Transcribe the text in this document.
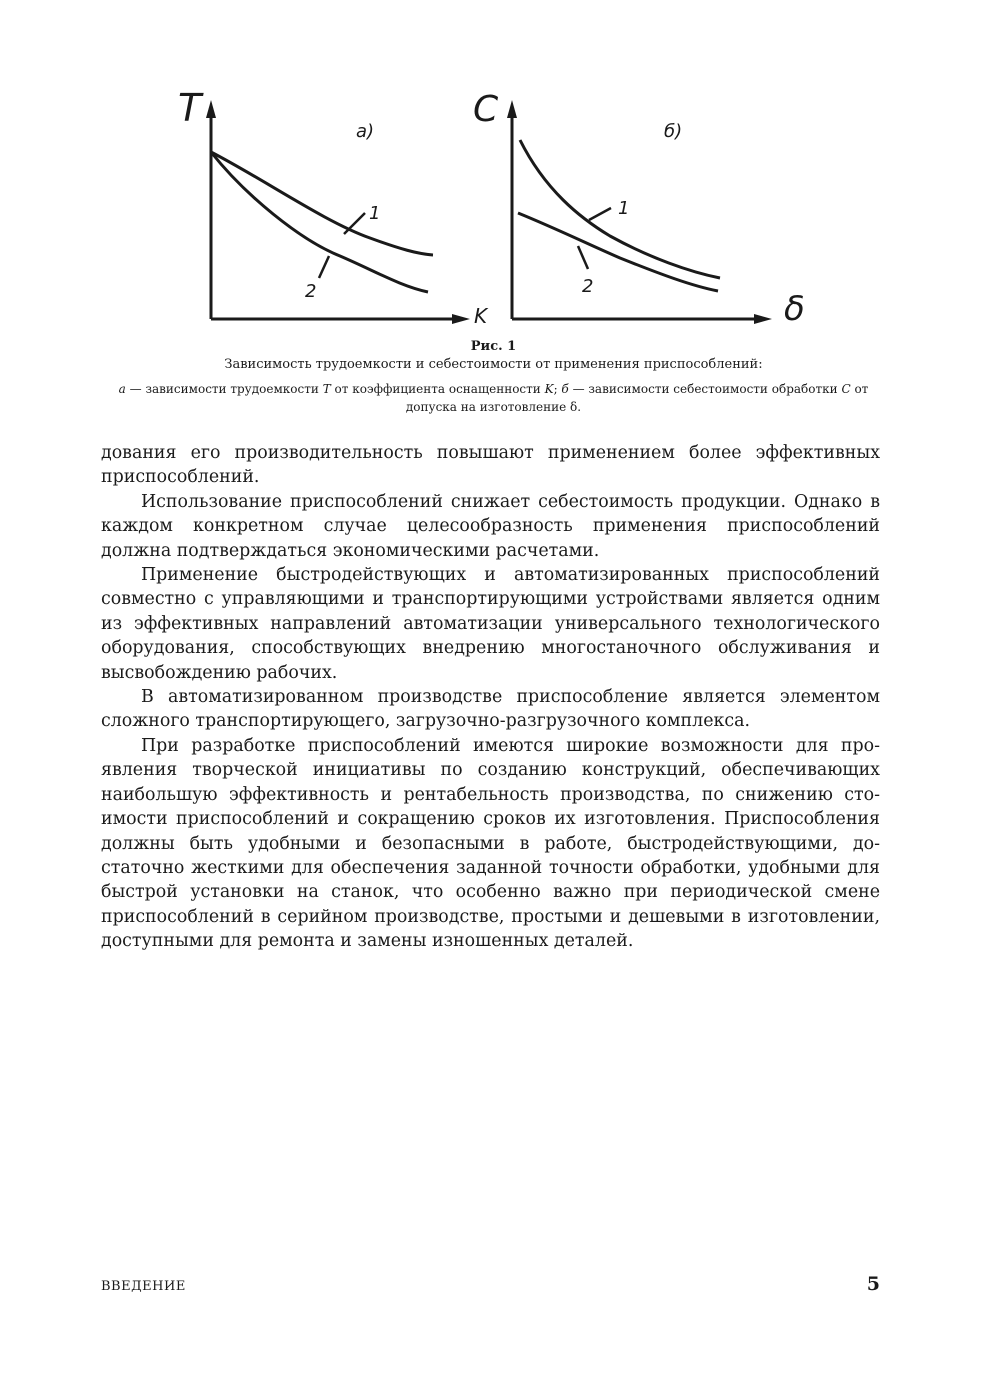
T
K
а)
1
2
C
δ
б)
1
2
Рис. 1
Зависимость трудоемкости и себестоимости от применения приспособлений:
а — зависимости трудоемкости T от коэффициента оснащенности K; б — зависимости себестоимости обработки C от допуска на изготовление δ.

дования его производительность повышают применением более эффективных приспособлений.

Использование приспособлений снижает себестоимость продукции. Однако в каждом конкретном случае целесообразность применения приспособлений должна подтверждаться экономическими расчетами.

Применение быстродействующих и автоматизированных приспособлений совместно с управляющими и транспортирующими устройствами является одним из эффективных направлений автоматизации универсального технологического оборудования, способствующих внедрению многостаночного обслуживания и высвобождению рабочих.

В автоматизированном производстве приспособление является элементом сложного транспортирующего, загрузочно-разгрузочного комплекса.

При разработке приспособлений имеются широкие возможности для проявления творческой инициативы по созданию конструкций, обеспечивающих наибольшую эффективность и рентабельность производства, по снижению стоимости приспособлений и сокращению сроков их изготовления. Приспособления должны быть удобными и безопасными в работе, быстродействующими, достаточно жесткими для обеспечения заданной точности обработки, удобными для быстрой установки на станок, что особенно важно при периодической смене приспособлений в серийном производстве, простыми и дешевыми в изготовлении, доступными для ремонта и замены изношенных деталей.

ВВЕДЕНИЕ	5
